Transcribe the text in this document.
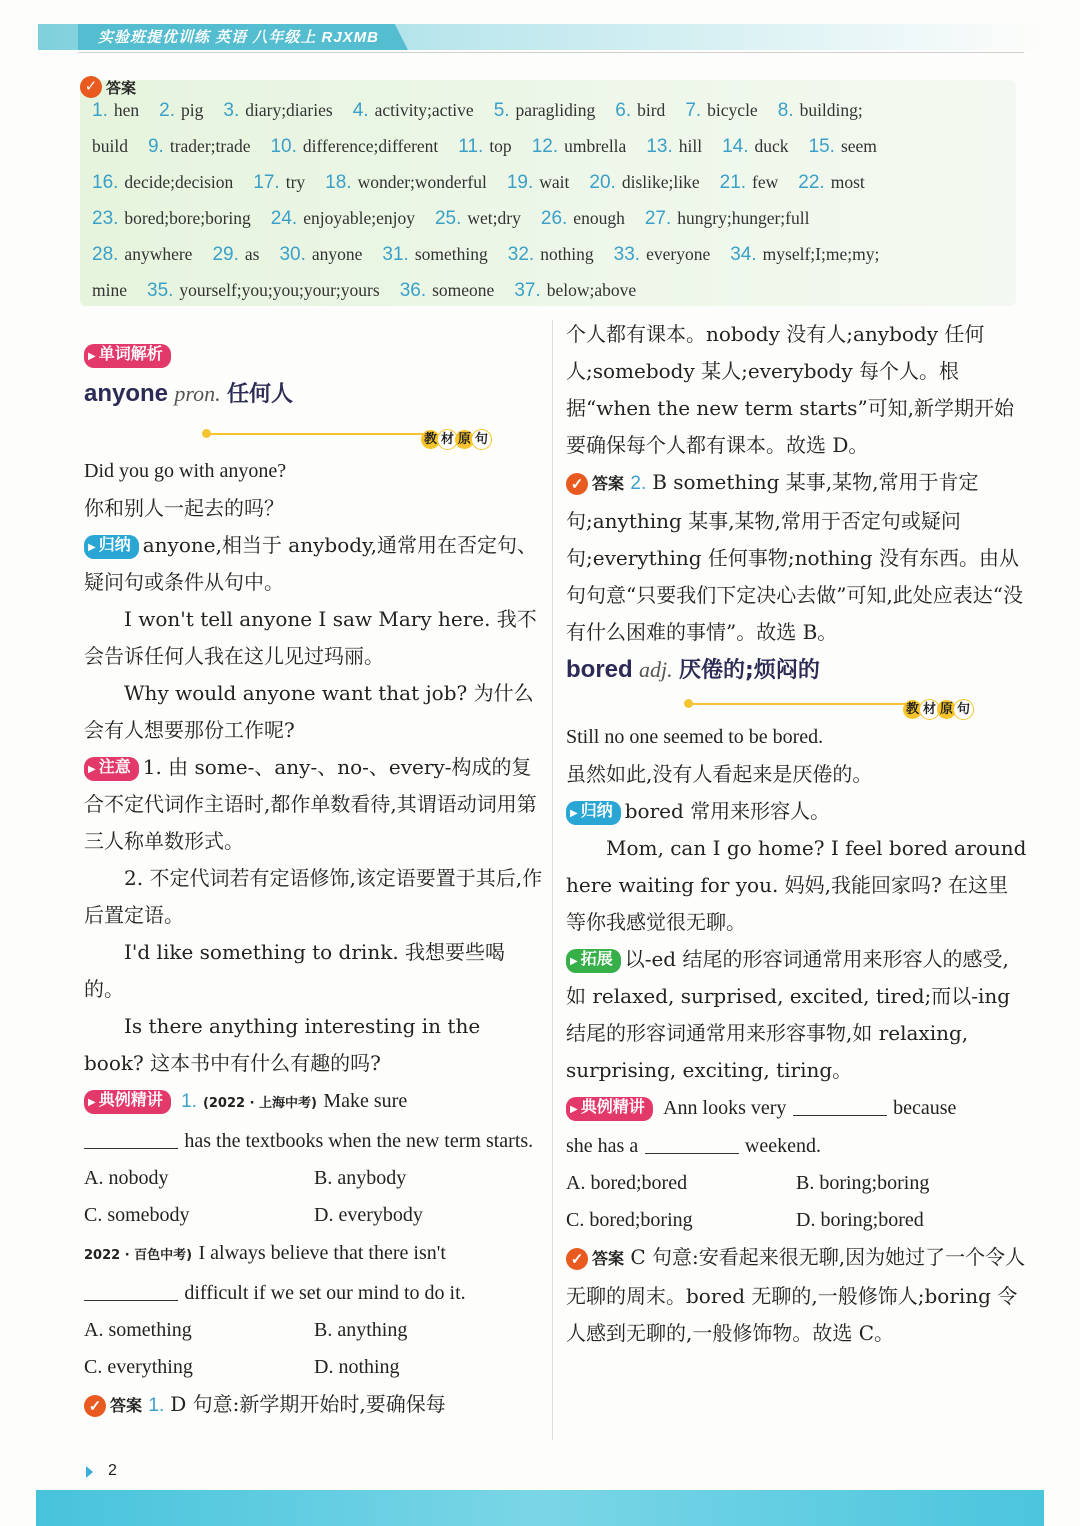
实验班提优训练 英语 八年级上 RJXMB
✓ 答案
1. hen 2. pig 3. diary;diaries 4. activity;active 5. paragliding 6. bird 7. bicycle 8. building;
build 9. trader;trade 10. difference;different 11. top 12. umbrella 13. hill 14. duck 15. seem
16. decide;decision 17. try 18. wonder;wonderful 19. wait 20. dislike;like 21. few 22. most
23. bored;bore;boring 24. enjoyable;enjoy 25. wet;dry 26. enough 27. hungry;hunger;full
28. anywhere 29. as 30. anyone 31. something 32. nothing 33. everyone 34. myself;I;me;my;
mine 35. yourself;you;you;your;yours 36. someone 37. below;above
▶ 单词解析
anyone pron. 任何人
教 材 原 句

Did you go with anyone?

你和别人一起去的吗？

▶ 归纳 anyone,相当于 anybody,通常用在否定句、疑问句或条件从句中。

I won't tell anyone I saw Mary here. 我不会告诉任何人我在这儿见过玛丽。

Why would anyone want that job? 为什么会有人想要那份工作呢?

▶ 注意 1. 由 some-、any-、no-、every-构成的复合不定代词作主语时,都作单数看待,其谓语动词用第三人称单数形式。

2. 不定代词若有定语修饰,该定语要置于其后,作后置定语。

I'd like something to drink. 我想要些喝的。

Is there anything interesting in the book? 这本书中有什么有趣的吗?

▶ 典例精讲 1. (2022 · 上海中考) Make sure
has the textbooks when the new term starts.

A. nobody	B. anybody
C. somebody	D. everybody

2022 · 百色中考) I always believe that there isn't
difficult if we set our mind to do it.

A. something	B. anything
C. everything	D. nothing

✓ 答案 1. D 句意:新学期开始时,要确保每

个人都有课本。nobody 没有人;anybody 任何人;somebody 某人;everybody 每个人。根据“when the new term starts”可知,新学期开始要确保每个人都有课本。故选 D。

✓ 答案 2. B something 某事,某物,常用于肯定句;anything 某事,某物,常用于否定句或疑问句;everything 任何事物;nothing 没有东西。由从句句意“只要我们下定决心去做”可知,此处应表达“没有什么困难的事情”。故选 B。

bored adj. 厌倦的;烦闷的
教 材 原 句

Still no one seemed to be bored.

虽然如此,没有人看起来是厌倦的。

▶ 归纳 bored 常用来形容人。

Mom, can I go home? I feel bored around here waiting for you. 妈妈,我能回家吗? 在这里等你我感觉很无聊。

▶ 拓展 以-ed 结尾的形容词通常用来形容人的感受,如 relaxed, surprised, excited, tired;而以-ing 结尾的形容词通常用来形容事物,如 relaxing, surprising, exciting, tiring。

▶ 典例精讲 Ann looks very	because
she has a	weekend.

A. bored;bored	B. boring;boring
C. bored;boring	D. boring;bored

✓ 答案 C 句意:安看起来很无聊,因为她过了一个令人无聊的周末。bored 无聊的,一般修饰人;boring 令人感到无聊的,一般修饰物。故选 C。

2
